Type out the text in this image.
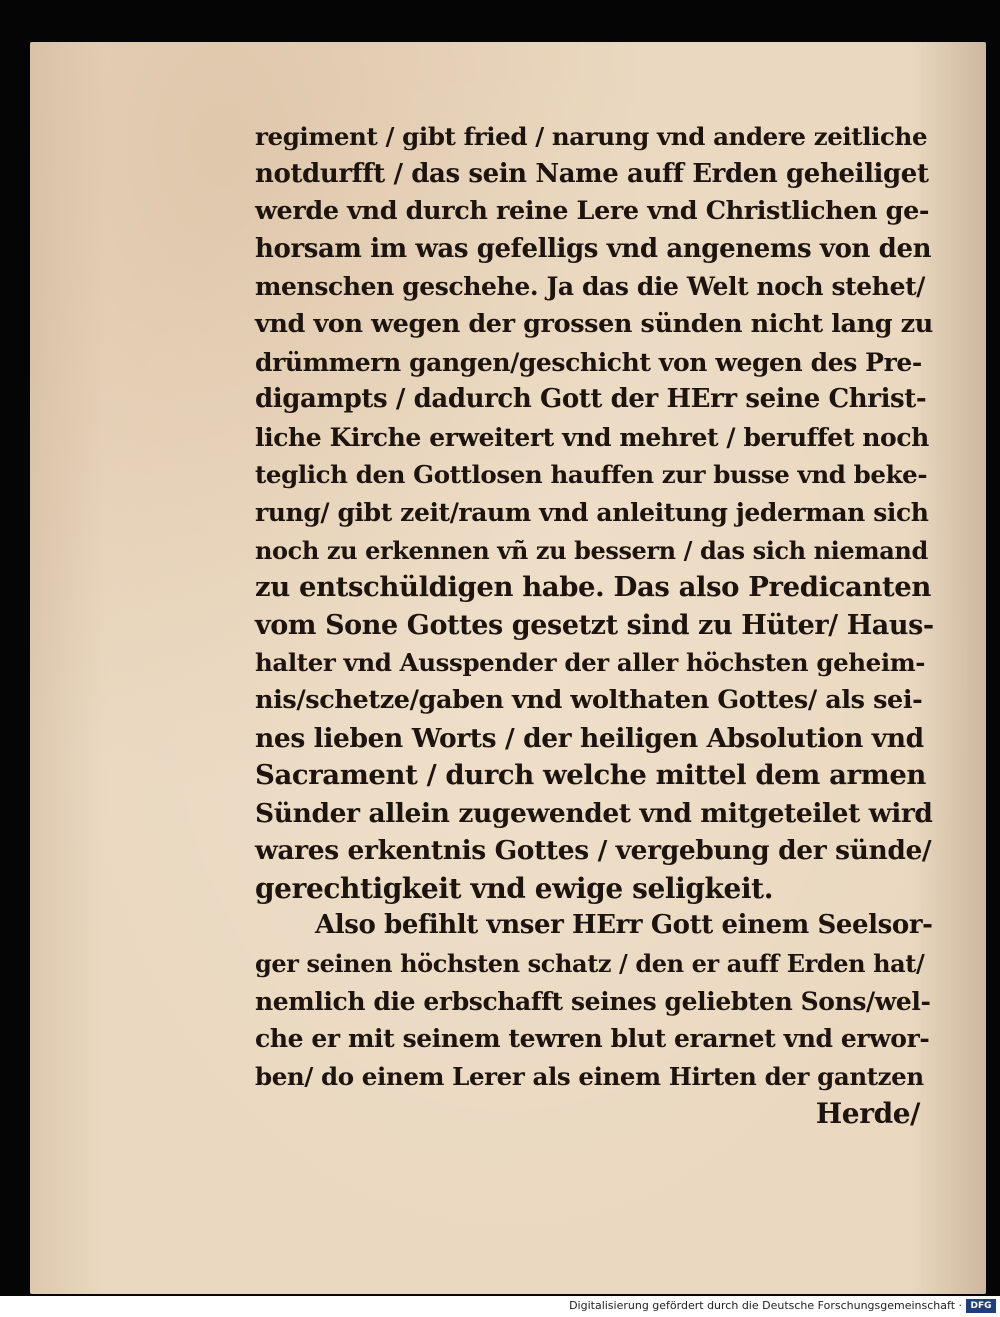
regiment / gibt fried / narung vnd andere zeitliche
notdurfft / das sein Name auff Erden geheiliget
werde vnd durch reine Lere vnd Christlichen ge-
horsam im was gefelligs vnd angenems von den
menschen geschehe. Ja das die Welt noch stehet/
vnd von wegen der grossen sünden nicht lang zu
drümmern gangen/geschicht von wegen des Pre-
digampts / dadurch Gott der HErr seine Christ-
liche Kirche erweitert vnd mehret / beruffet noch
teglich den Gottlosen hauffen zur busse vnd beke-
rung/ gibt zeit/raum vnd anleitung jederman sich
noch zu erkennen vñ zu bessern / das sich niemand
zu entschüldigen habe. Das also Predicanten
vom Sone Gottes gesetzt sind zu Hüter/ Haus-
halter vnd Ausspender der aller höchsten geheim-
nis/schetze/gaben vnd wolthaten Gottes/ als sei-
nes lieben Worts / der heiligen Absolution vnd
Sacrament / durch welche mittel dem armen
Sünder allein zugewendet vnd mitgeteilet wird
wares erkentnis Gottes / vergebung der sünde/
gerechtigkeit vnd ewige seligkeit.
Also befihlt vnser HErr Gott einem Seelsor-
ger seinen höchsten schatz / den er auff Erden hat/
nemlich die erbschafft seines geliebten Sons/wel-
che er mit seinem tewren blut erarnet vnd erwor-
ben/ do einem Lerer als einem Hirten der gantzen
Herde/
Digitalisierung gefördert durch die Deutsche Forschungsgemeinschaft · DFG
